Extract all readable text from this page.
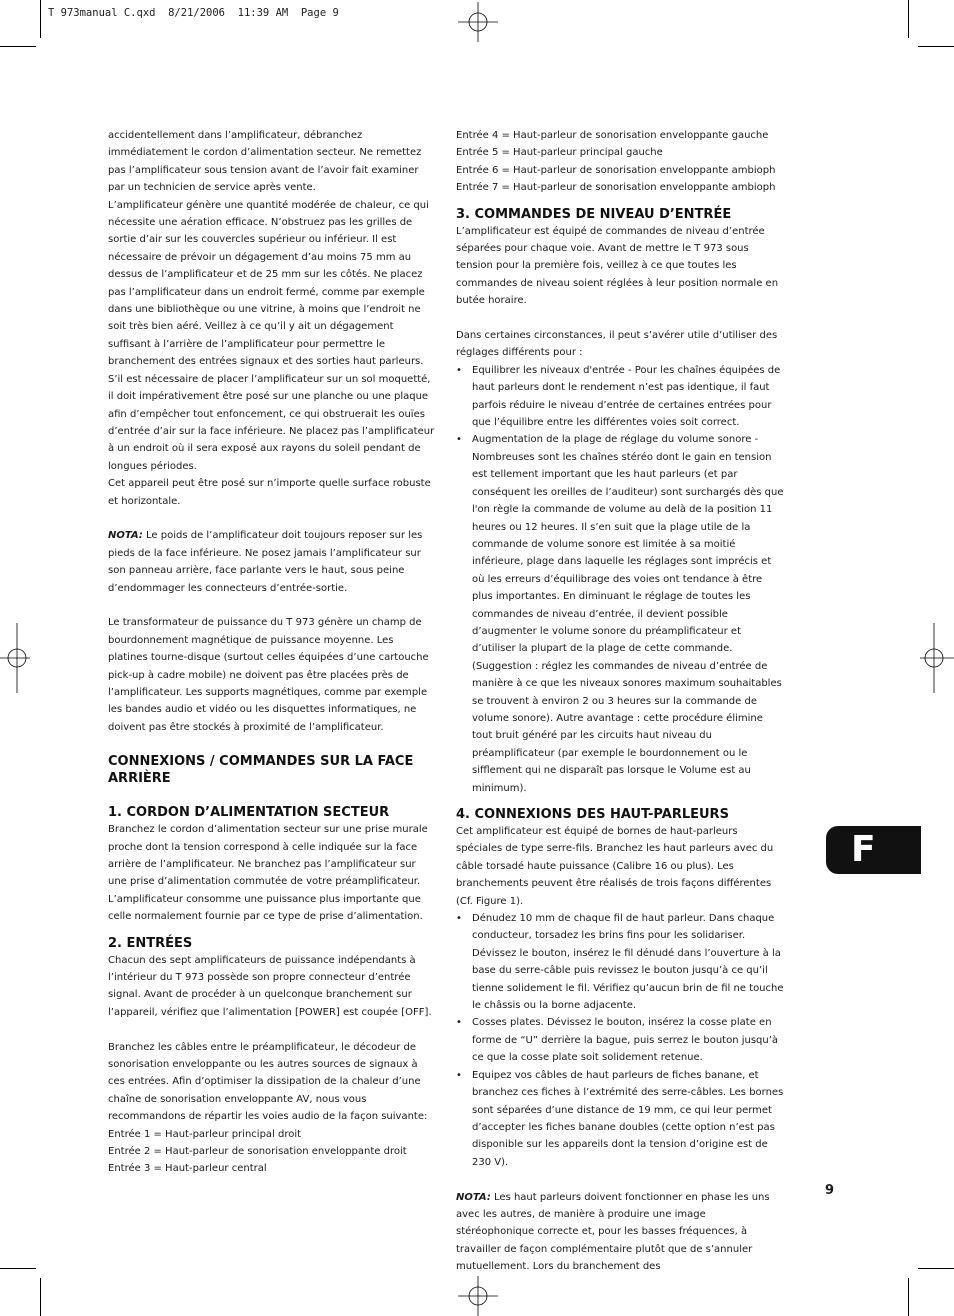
T 973manual C.qxd  8/21/2006  11:39 AM  Page 9

accidentellement dans l’amplificateur, débranchez immédiatement le cordon d’alimentation secteur. Ne remettez pas l’amplificateur sous tension avant de l’avoir fait examiner par un technicien de service après vente.

L’amplificateur génère une quantité modérée de chaleur, ce qui nécessite une aération efficace. N’obstruez pas les grilles de sortie d’air sur les couvercles supérieur ou inférieur. Il est nécessaire de prévoir un dégagement d’au moins 75 mm au dessus de l’amplificateur et de 25 mm sur les côtés. Ne placez pas l’amplificateur dans un endroit fermé, comme par exemple dans une bibliothèque ou une vitrine, à moins que l’endroit ne soit très bien aéré. Veillez à ce qu’il y ait un dégagement suffisant à l’arrière de l’amplificateur pour permettre le branchement des entrées signaux et des sorties haut parleurs. S’il est nécessaire de placer l’amplificateur sur un sol moquetté, il doit impérativement être posé sur une planche ou une plaque afin d’empêcher tout enfoncement, ce qui obstruerait les ouïes d’entrée d’air sur la face inférieure. Ne placez pas l’amplificateur à un endroit où il sera exposé aux rayons du soleil pendant de longues périodes.

Cet appareil peut être posé sur n’importe quelle surface robuste et horizontale.

NOTA: Le poids de l’amplificateur doit toujours reposer sur les pieds de la face inférieure. Ne posez jamais l’amplificateur sur son panneau arrière, face parlante vers le haut, sous peine d’endommager les connecteurs d’entrée-sortie.

Le transformateur de puissance du T 973 génère un champ de bourdonnement magnétique de puissance moyenne. Les platines tourne-disque (surtout celles équipées d’une cartouche pick-up à cadre mobile) ne doivent pas être placées près de l’amplificateur. Les supports magnétiques, comme par exemple les bandes audio et vidéo ou les disquettes informatiques, ne doivent pas être stockés à proximité de l’amplificateur.

CONNEXIONS / COMMANDES SUR LA FACE ARRIÈRE
1. CORDON D’ALIMENTATION SECTEUR

Branchez le cordon d’alimentation secteur sur une prise murale proche dont la tension correspond à celle indiquée sur la face arrière de l’amplificateur. Ne branchez pas l’amplificateur sur une prise d’alimentation commutée de votre préamplificateur. L’amplificateur consomme une puissance plus importante que celle normalement fournie par ce type de prise d’alimentation.

2. ENTRÉES

Chacun des sept amplificateurs de puissance indépendants à l’intérieur du T 973 possède son propre connecteur d’entrée signal. Avant de procéder à un quelconque branchement sur l’appareil, vérifiez que l’alimentation [POWER] est coupée [OFF].

Branchez les câbles entre le préamplificateur, le décodeur de sonorisation enveloppante ou les autres sources de signaux à ces entrées. Afin d’optimiser la dissipation de la chaleur d’une chaîne de sonorisation enveloppante AV, nous vous recommandons de répartir les voies audio de la façon suivante:

Entrée 1 = Haut-parleur principal droit

Entrée 2 = Haut-parleur de sonorisation enveloppante droit

Entrée 3 = Haut-parleur central

Entrée 4 = Haut-parleur de sonorisation enveloppante gauche

Entrée 5 = Haut-parleur principal gauche

Entrée 6 = Haut-parleur de sonorisation enveloppante ambioph

Entrée 7 = Haut-parleur de sonorisation enveloppante ambioph

3. COMMANDES DE NIVEAU D’ENTRÉE

L’amplificateur est équipé de commandes de niveau d’entrée séparées pour chaque voie. Avant de mettre le T 973 sous tension pour la première fois, veillez à ce que toutes les commandes de niveau soient réglées à leur position normale en butée horaire.

Dans certaines circonstances, il peut s’avérer utile d’utiliser des réglages différents pour :

• Equilibrer les niveaux d'entrée - Pour les chaînes équipées de haut parleurs dont le rendement n’est pas identique, il faut parfois réduire le niveau d’entrée de certaines entrées pour que l’équilibre entre les différentes voies soit correct.
• Augmentation de la plage de réglage du volume sonore - Nombreuses sont les chaînes stéréo dont le gain en tension est tellement important que les haut parleurs (et par conséquent les oreilles de l’auditeur) sont surchargés dès que l'on règle la commande de volume au delà de la position 11 heures ou 12 heures. Il s’en suit que la plage utile de la commande de volume sonore est limitée à sa moitié inférieure, plage dans laquelle les réglages sont imprécis et où les erreurs d’équilibrage des voies ont tendance à être plus importantes. En diminuant le réglage de toutes les commandes de niveau d’entrée, il devient possible d’augmenter le volume sonore du préamplificateur et d’utiliser la plupart de la plage de cette commande. (Suggestion : réglez les commandes de niveau d’entrée de manière à ce que les niveaux sonores maximum souhaitables se trouvent à environ 2 ou 3 heures sur la commande de volume sonore). Autre avantage : cette procédure élimine tout bruit généré par les circuits haut niveau du préamplificateur (par exemple le bourdonnement ou le sifflement qui ne disparaît pas lorsque le Volume est au minimum).
4. CONNEXIONS DES HAUT-PARLEURS

Cet amplificateur est équipé de bornes de haut-parleurs spéciales de type serre-fils. Branchez les haut parleurs avec du câble torsadé haute puissance (Calibre 16 ou plus). Les branchements peuvent être réalisés de trois façons différentes (Cf. Figure 1).

• Dénudez 10 mm de chaque fil de haut parleur. Dans chaque conducteur, torsadez les brins fins pour les solidariser. Dévissez le bouton, insérez le fil dénudé dans l’ouverture à la base du serre-câble puis revissez le bouton jusqu’à ce qu’il tienne solidement le fil. Vérifiez qu’aucun brin de fil ne touche le châssis ou la borne adjacente.
• Cosses plates. Dévissez le bouton, insérez la cosse plate en forme de “U” derrière la bague, puis serrez le bouton jusqu’à ce que la cosse plate soit solidement retenue.
• Equipez vos câbles de haut parleurs de fiches banane, et branchez ces fiches à l’extrémité des serre-câbles. Les bornes sont séparées d’une distance de 19 mm, ce qui leur permet d’accepter les fiches banane doubles (cette option n’est pas disponible sur les appareils dont la tension d’origine est de 230 V).

NOTA: Les haut parleurs doivent fonctionner en phase les uns avec les autres, de manière à produire une image stéréophonique correcte et, pour les basses fréquences, à travailler de façon complémentaire plutôt que de s’annuler mutuellement. Lors du branchement des

F
9
